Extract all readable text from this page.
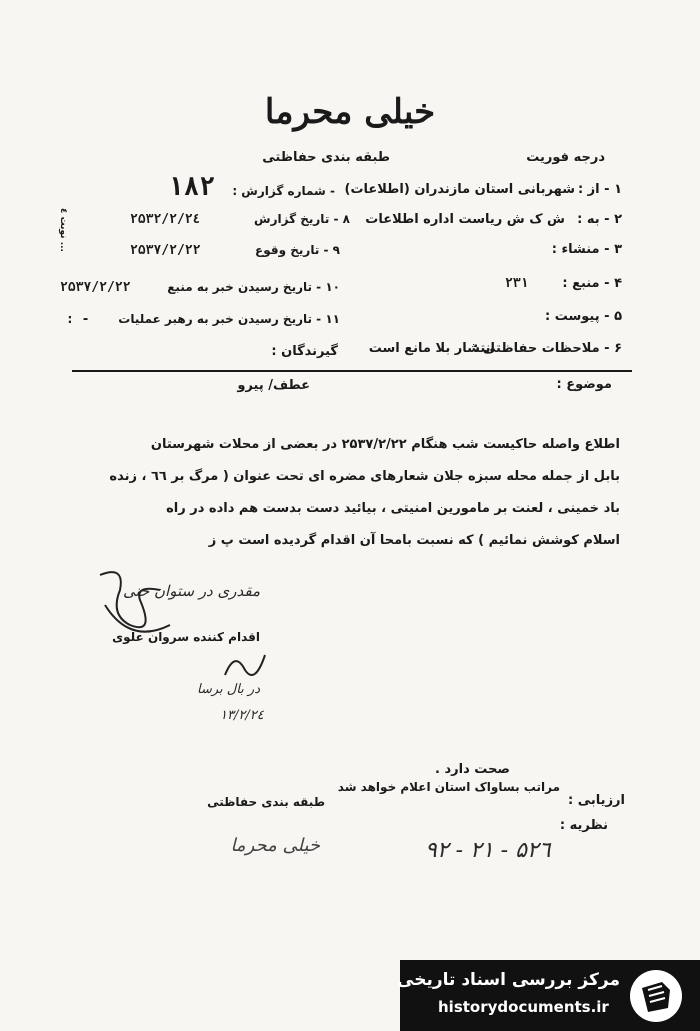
خیلی محرما
طبقه بندی حفاظتی	درجه فوریت
نوبت ٤ ...
۱ - از :
شهربانی استان مازندران (اطلاعات)
- شماره گزارش :
۱۸۲
۲ - به :
ش ک ش ریاست اداره اطلاعات
۸ - تاریخ گزارش
۲۵۳۲/۲/۲٤
۳ - منشاء :
۹ - تاریخ وقوع
۲۵۳۷/۲/۲۲
۴ - منبع :
۲۳۱
۱۰ - تاریخ رسیدن خبر به منبع
۲۵۳۷/۲/۲۲
۵ - پیوست :
۱۱ - تاریخ رسیدن خبر به رهبر عملیات
: -
۶ - ملاحظات حفاظتی :
انتشار بلا مانع است
گیرندگان :
موضوع :
عطف/ پیرو
اطلاع واصله حاکیست شب هنگام ۲۵۳۷/۲/۲۲ در بعضی از محلات شهرستان
بابل از جمله محله سبزه جلان شعارهای مضره ای تحت عنوان ( مرگ بر ٦٦ ، زنده
باد خمینی ، لعنت بر مامورین امنیتی ، بیائید دست بدست هم داده در راه
اسلام کوشش نمائیم ) که نسبت بامحا آن اقدام گردیده است پ ز
مقدری در ستوان خنی
اقدام کننده سروان علوی
در بال برسا
۱۳/۲/۲٤
صحت دارد .
ارزیابی :
مراتب بساواک استان اعلام خواهد شد
طبقه بندی حفاظتی
نظریه :
خیلی محرما	۹۲ - ۲۱ - ۵۲٦
مرکز بررسی اسناد تاریخی
historydocuments.ir
